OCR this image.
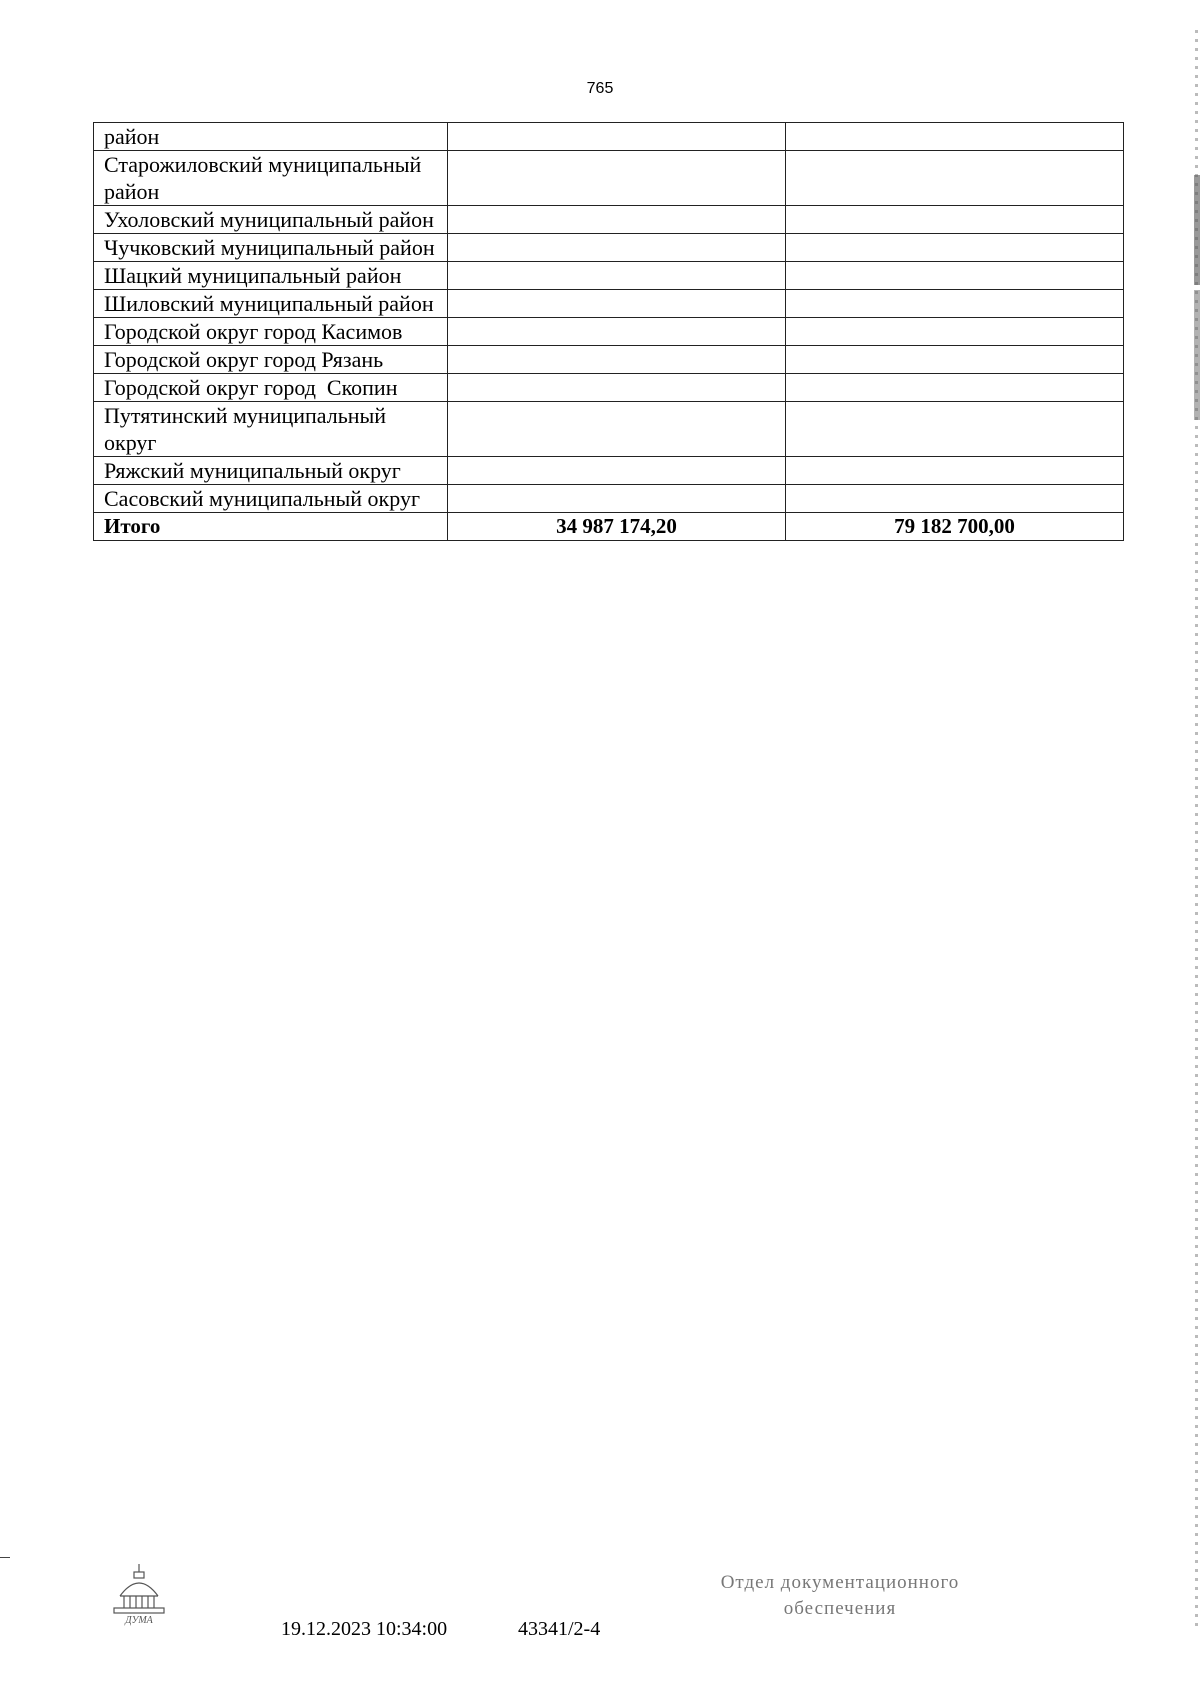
765
район		
Старожиловский муниципальный район		
Ухоловский муниципальный район		
Чучковский муниципальный район		
Шацкий муниципальный район		
Шиловский муниципальный район		
Городской округ город Касимов		
Городской округ город Рязань		
Городской округ город  Скопин		
Путятинский муниципальный округ		
Ряжский муниципальный округ		
Сасовский муниципальный округ		
Итого	34 987 174,20	79 182 700,00
ДУМА	19.12.2023 10:34:00	43341/2-4
Отдел документационного
обеспечения
